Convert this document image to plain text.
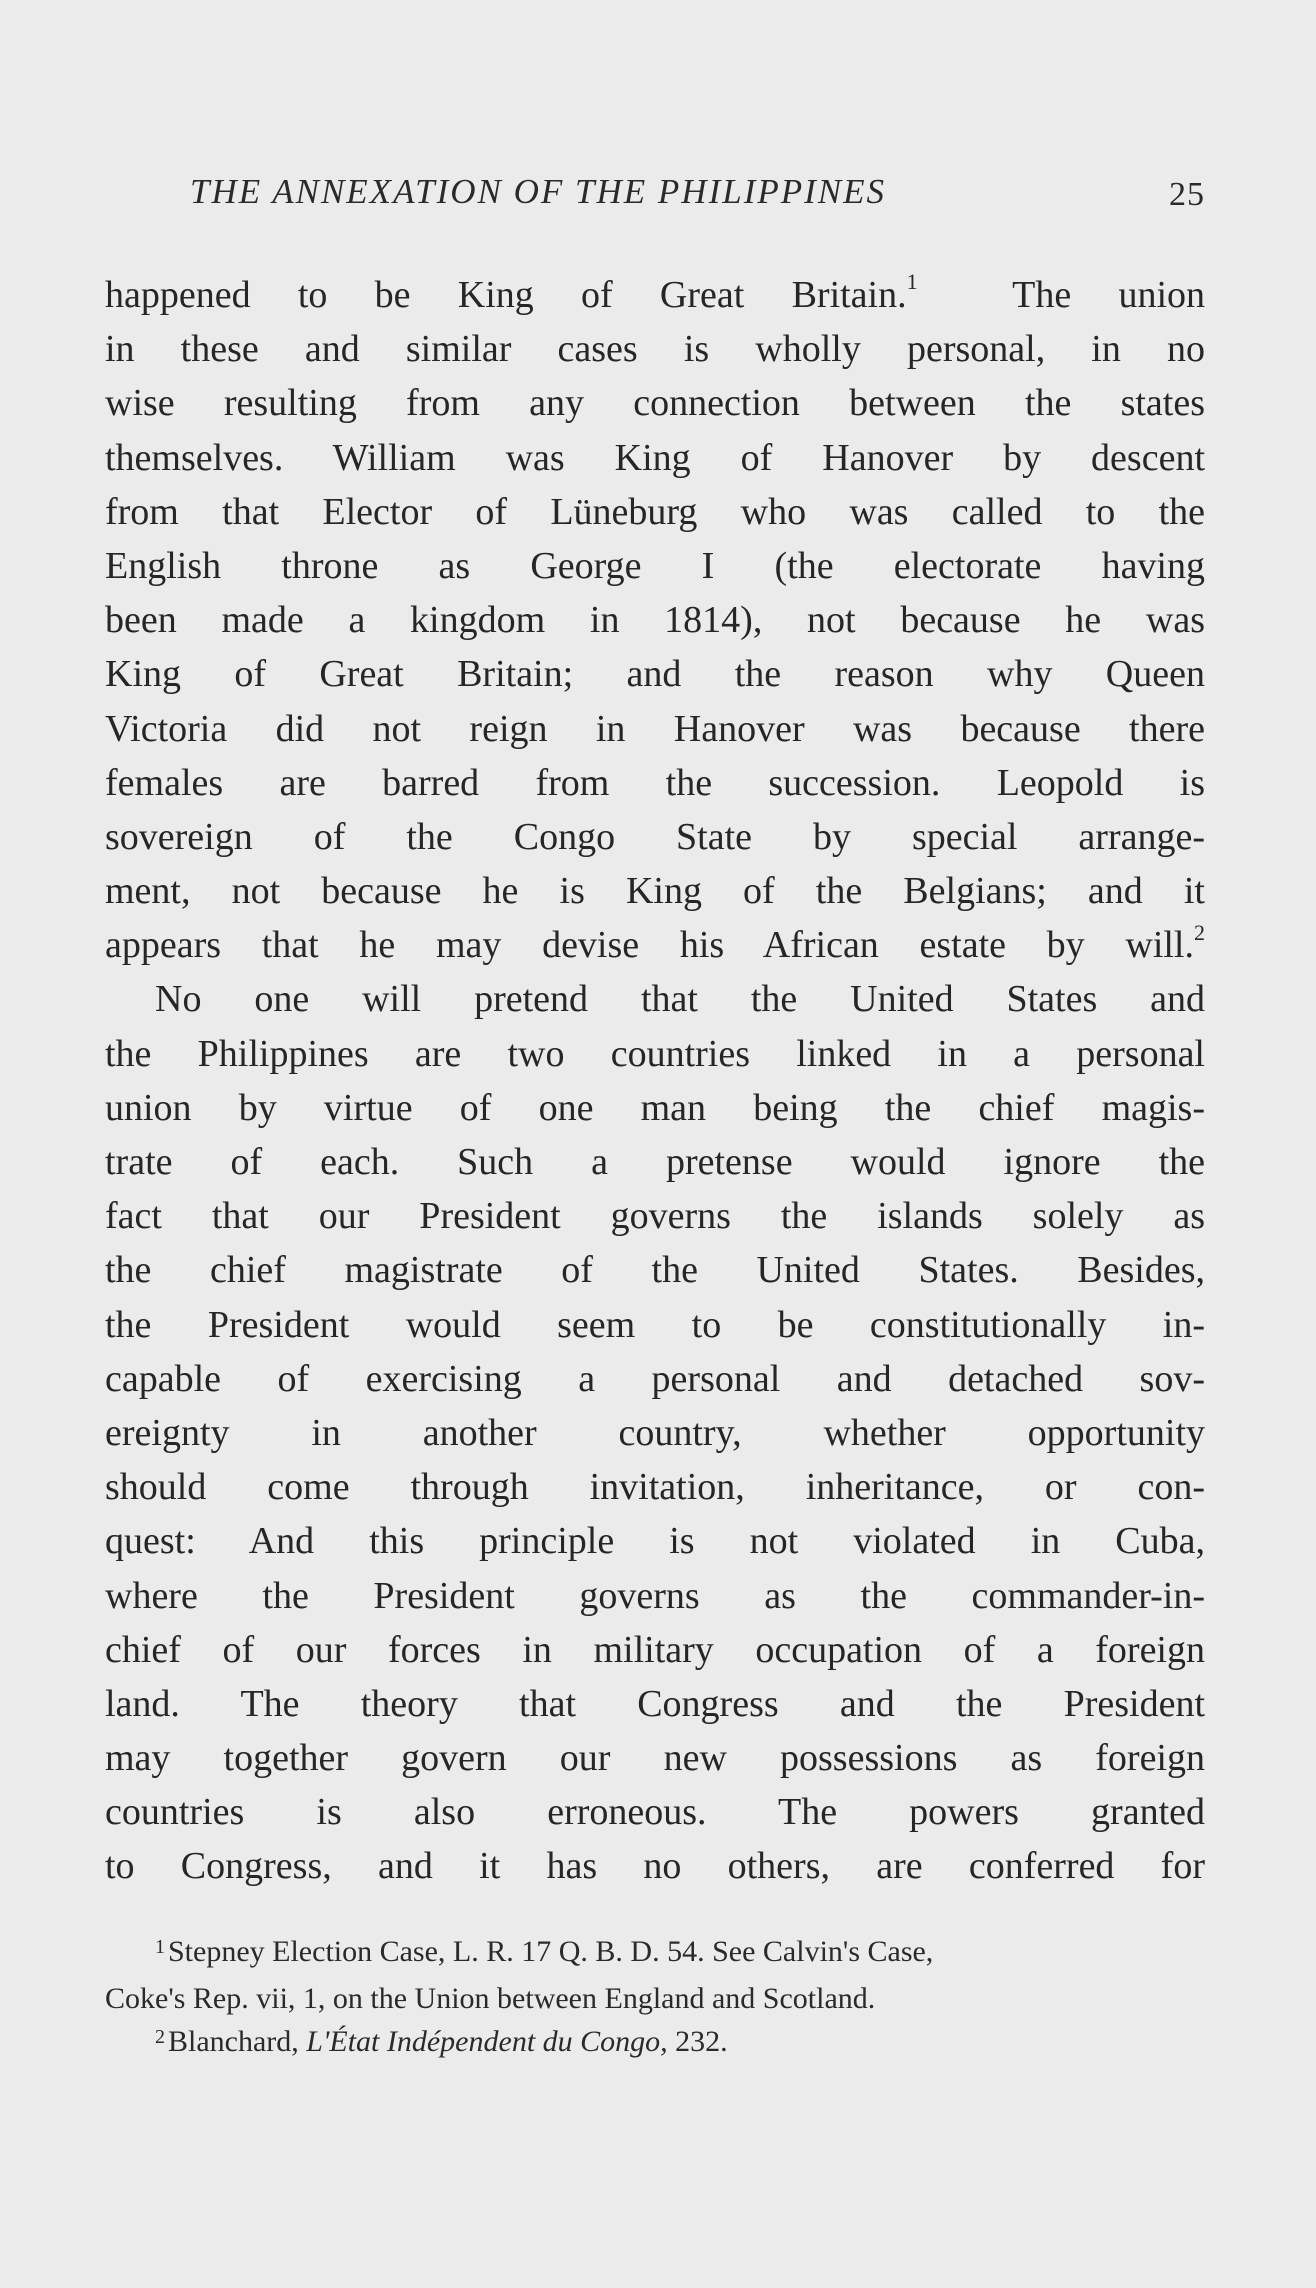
THE ANNEXATION OF THE PHILIPPINES	25
happened to be King of Great Britain.$^1$ The union
in these and similar cases is wholly personal, in no
wise resulting from any connection between the states
themselves. William was King of Hanover by descent
from that Elector of Lüneburg who was called to the
English throne as George I (the electorate having
been made a kingdom in 1814), not because he was
King of Great Britain; and the reason why Queen
Victoria did not reign in Hanover was because there
females are barred from the succession. Leopold is
sovereign of the Congo State by special arrange-
ment, not because he is King of the Belgians; and it
appears that he may devise his African estate by will.$^2$
No one will pretend that the United States and
the Philippines are two countries linked in a personal
union by virtue of one man being the chief magis-
trate of each. Such a pretense would ignore the
fact that our President governs the islands solely as
the chief magistrate of the United States. Besides,
the President would seem to be constitutionally in-
capable of exercising a personal and detached sov-
ereignty in another country, whether opportunity
should come through invitation, inheritance, or con-
quest: And this principle is not violated in Cuba,
where the President governs as the commander-in-
chief of our forces in military occupation of a foreign
land. The theory that Congress and the President
may together govern our new possessions as foreign
countries is also erroneous. The powers granted
to Congress, and it has no others, are conferred for
$^1$ Stepney Election Case, L. R. 17 Q. B. D. 54. See Calvin's Case,
Coke's Rep. vii, 1, on the Union between England and Scotland.
$^2$ Blanchard, L'État Indépendent du Congo, 232.
